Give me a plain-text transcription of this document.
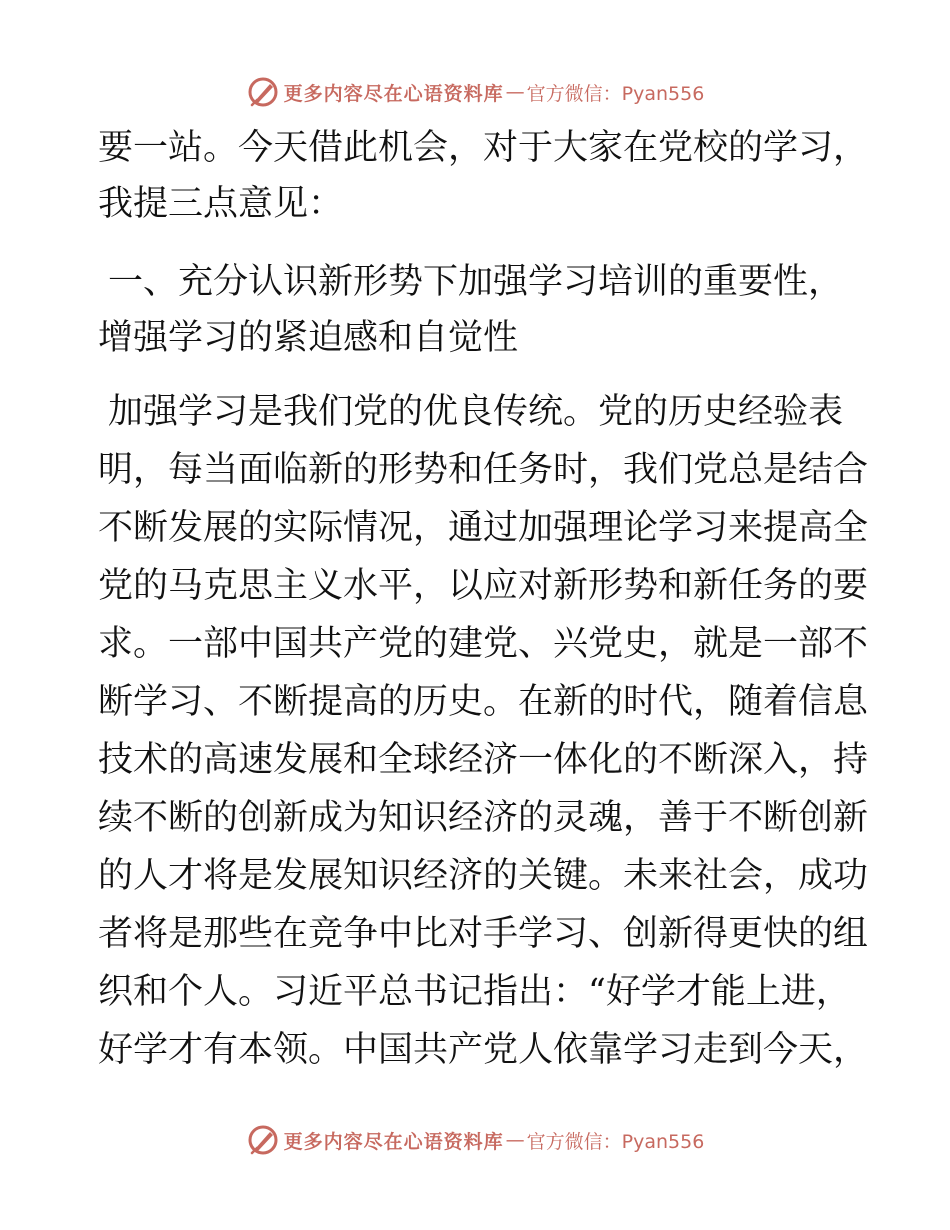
更多内容尽在心语资料库 — 官方微信：Pyan556
要一站。今天借此机会，对于大家在党校的学习，
我提三点意见：
一、充分认识新形势下加强学习培训的重要性，
增强学习的紧迫感和自觉性
加强学习是我们党的优良传统。党的历史经验表
明，每当面临新的形势和任务时，我们党总是结合
不断发展的实际情况，通过加强理论学习来提高全
党的马克思主义水平，以应对新形势和新任务的要
求。一部中国共产党的建党、兴党史，就是一部不
断学习、不断提高的历史。在新的时代，随着信息
技术的高速发展和全球经济一体化的不断深入，持
续不断的创新成为知识经济的灵魂，善于不断创新
的人才将是发展知识经济的关键。未来社会，成功
者将是那些在竞争中比对手学习、创新得更快的组
织和个人。习近平总书记指出：“好学才能上进，
好学才有本领。中国共产党人依靠学习走到今天，
更多内容尽在心语资料库 — 官方微信：Pyan556
